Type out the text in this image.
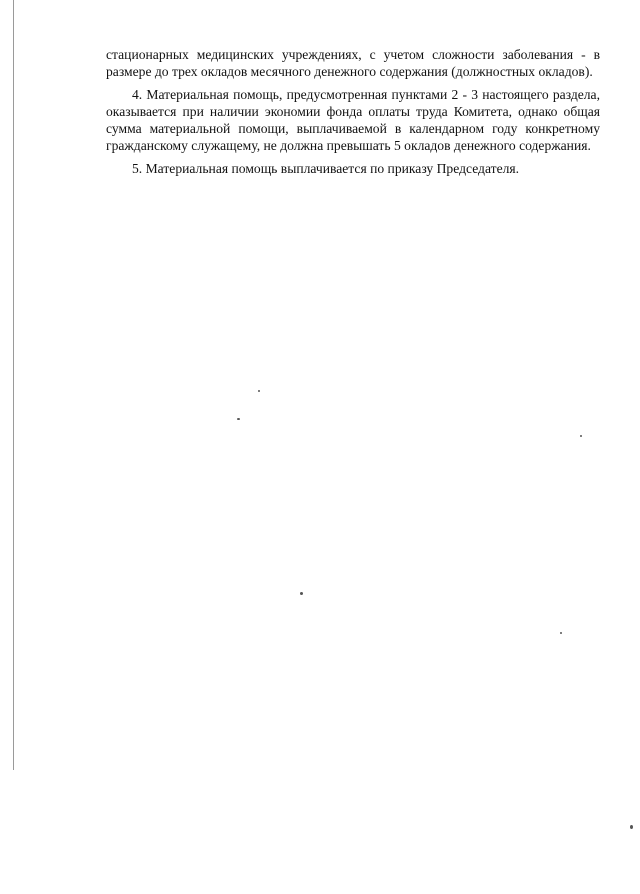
стационарных медицинских учреждениях, с учетом сложности заболевания - в размере до трех окладов месячного денежного содержания (должностных окладов).

4. Материальная помощь, предусмотренная пунктами 2 - 3 настоящего раздела, оказывается при наличии экономии фонда оплаты труда Комитета, однако общая сумма материальной помощи, выплачиваемой в календарном году конкретному гражданскому служащему, не должна превышать 5 окладов денежного содержания.

5. Материальная помощь выплачивается по приказу Председателя.
